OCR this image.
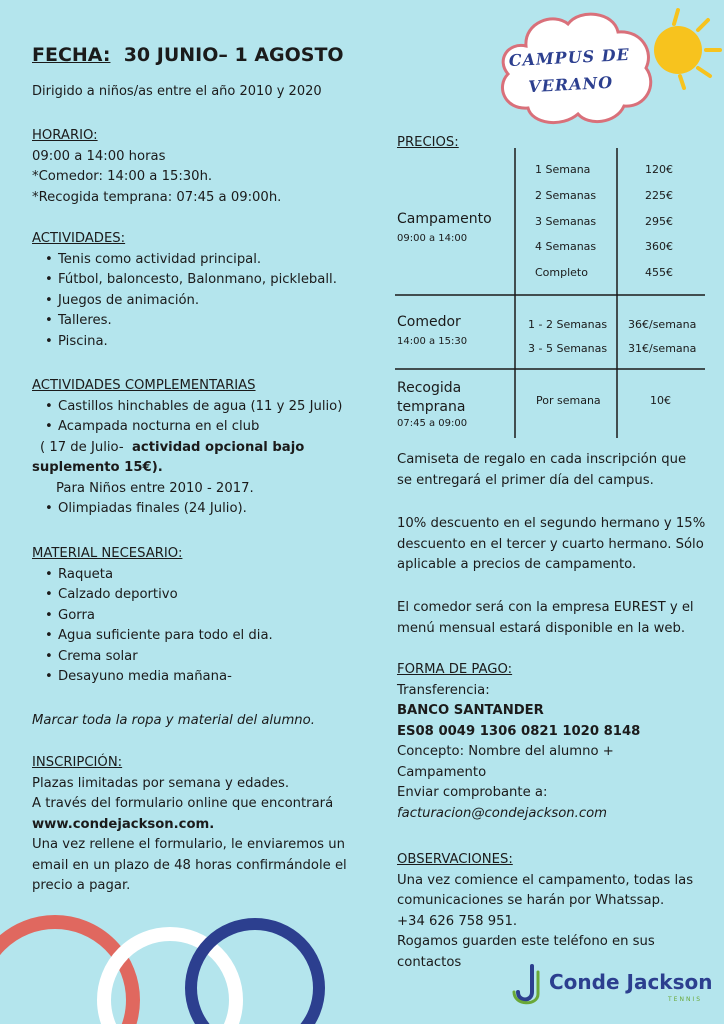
FECHA: 30 JUNIO– 1 AGOSTO
Dirigido a niños/as entre el año 2010 y 2020
CAMPUS DE
VERANO
HORARIO:
09:00 a 14:00 horas
*Comedor: 14:00 a 15:30h.
*Recogida temprana: 07:45 a 09:00h.
ACTIVIDADES:
• Tenis como actividad principal.
• Fútbol, baloncesto, Balonmano, pickleball.
• Juegos de animación.
• Talleres.
• Piscina.
ACTIVIDADES COMPLEMENTARIAS
• Castillos hinchables de agua (11 y 25 Julio)
• Acampada nocturna en el club
( 17 de Julio- actividad opcional bajo
suplemento 15€).
Para Niños entre 2010 - 2017.
• Olimpiadas finales (24 Julio).
MATERIAL NECESARIO:
• Raqueta
• Calzado deportivo
• Gorra
• Agua suficiente para todo el dia.
• Crema solar
• Desayuno media mañana-
Marcar toda la ropa y material del alumno.
INSCRIPCIÓN:
Plazas limitadas por semana y edades.
A través del formulario online que encontrará
www.condejackson.com.
Una vez rellene el formulario, le enviaremos un
email en un plazo de 48 horas confirmándole el
precio a pagar.
PRECIOS:
Campamento
09:00 a 14:00
1 Semana	120€
2 Semanas	225€
3 Semanas	295€
4 Semanas	360€
Completo	455€
Comedor
14:00 a 15:30
1 - 2 Semanas 36€/semana
3 - 5 Semanas 31€/semana
Recogida
temprana
07:45 a 09:00
Por semana	10€
Camiseta de regalo en cada inscripción que
se entregará el primer día del campus.
10% descuento en el segundo hermano y 15%
descuento en el tercer y cuarto hermano. Sólo
aplicable a precios de campamento.
El comedor será con la empresa EUREST y el
menú mensual estará disponible en la web.
FORMA DE PAGO:
Transferencia:
BANCO SANTANDER
ES08 0049 1306 0821 1020 8148
Concepto: Nombre del alumno +
Campamento
Enviar comprobante a:
facturacion@condejackson.com
OBSERVACIONES:
Una vez comience el campamento, todas las
comunicaciones se harán por Whatssap.
+34 626 758 951.
Rogamos guarden este teléfono en sus
contactos
Conde Jackson
TENNIS
